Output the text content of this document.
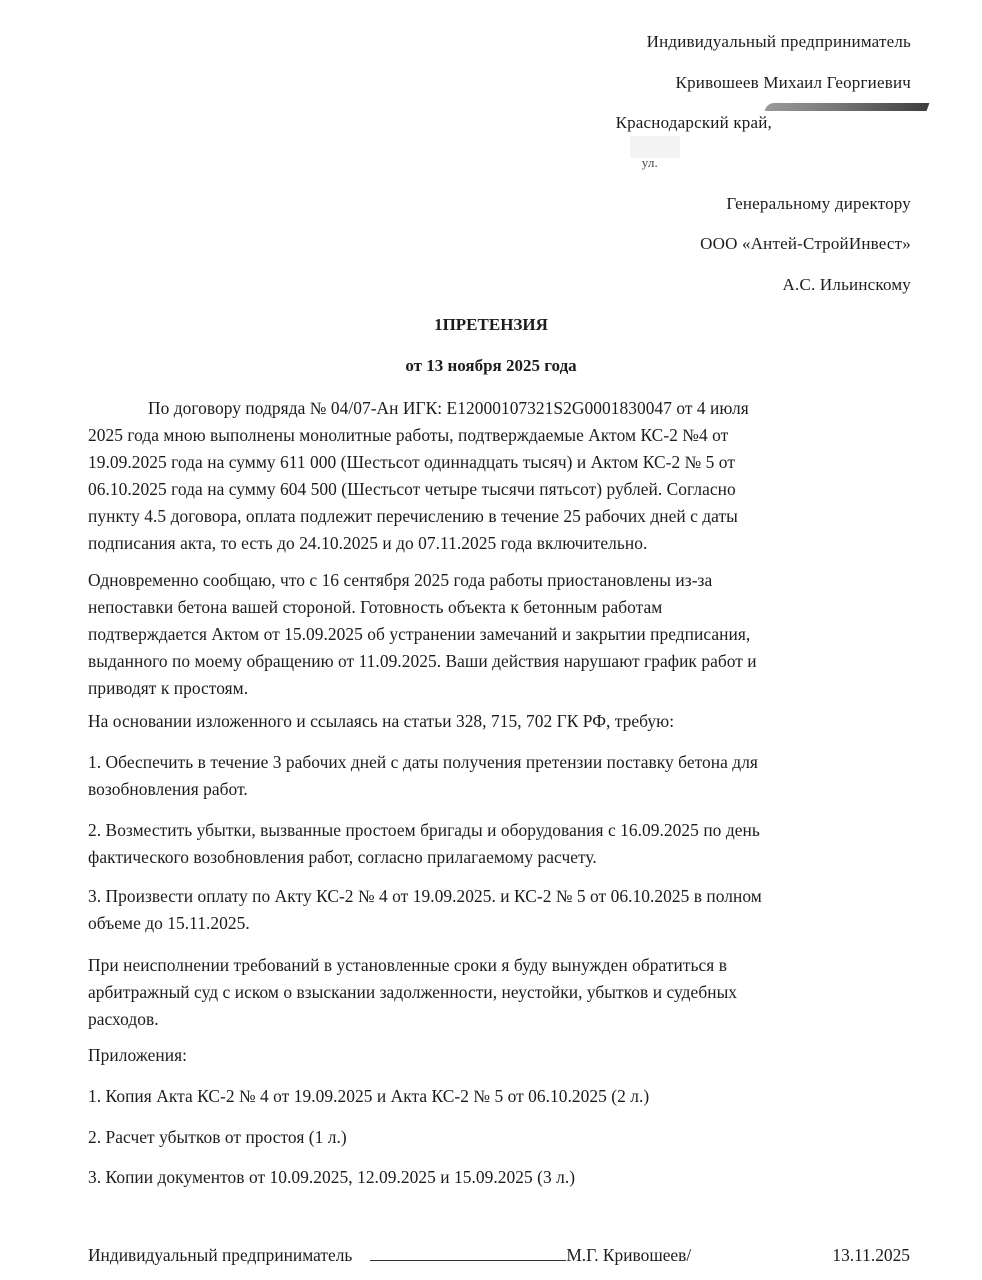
Индивидуальный предприниматель
Кривошеев Михаил Георгиевич
Краснодарский край,
ул.
Генеральному директору
ООО «Антей-СтройИнвест»
А.С. Ильинскому
1ПРЕТЕНЗИЯ
от 13 ноября 2025 года

По договору подряда № 04/07-Ан ИГК: E12000107321S2G0001830047 от 4 июля

2025 года мною выполнены монолитные работы, подтверждаемые Актом КС-2 №4 от

19.09.2025 года на сумму 611 000 (Шестьсот одиннадцать тысяч) и Актом КС-2 № 5 от

06.10.2025 года на сумму 604 500 (Шестьсот четыре тысячи пятьсот) рублей. Согласно

пункту 4.5 договора, оплата подлежит перечислению в течение 25 рабочих дней с даты

подписания акта, то есть до 24.10.2025 и до 07.11.2025 года включительно.

Одновременно сообщаю, что с 16 сентября 2025 года работы приостановлены из-за

непоставки бетона вашей стороной. Готовность объекта к бетонным работам

подтверждается Актом от 15.09.2025 об устранении замечаний и закрытии предписания,

выданного по моему обращению от 11.09.2025. Ваши действия нарушают график работ и

приводят к простоям.

На основании изложенного и ссылаясь на статьи 328, 715, 702 ГК РФ, требую:

1. Обеспечить в течение 3 рабочих дней с даты получения претензии поставку бетона для

возобновления работ.

2. Возместить убытки, вызванные простоем бригады и оборудования с 16.09.2025 по день

фактического возобновления работ, согласно прилагаемому расчету.

3. Произвести оплату по Акту КС-2 № 4 от 19.09.2025. и КС-2 № 5 от 06.10.2025 в полном

объеме до 15.11.2025.

При неисполнении требований в установленные сроки я буду вынужден обратиться в

арбитражный суд с иском о взыскании задолженности, неустойки, убытков и судебных

расходов.

Приложения:

1. Копия Акта КС-2 № 4 от 19.09.2025 и Акта КС-2 № 5 от 06.10.2025 (2 л.)

2. Расчет убытков от простоя (1 л.)

3. Копии документов от 10.09.2025, 12.09.2025 и 15.09.2025 (3 л.)

Индивидуальный предприниматель	М.Г. Кривошеев/	13.11.2025
